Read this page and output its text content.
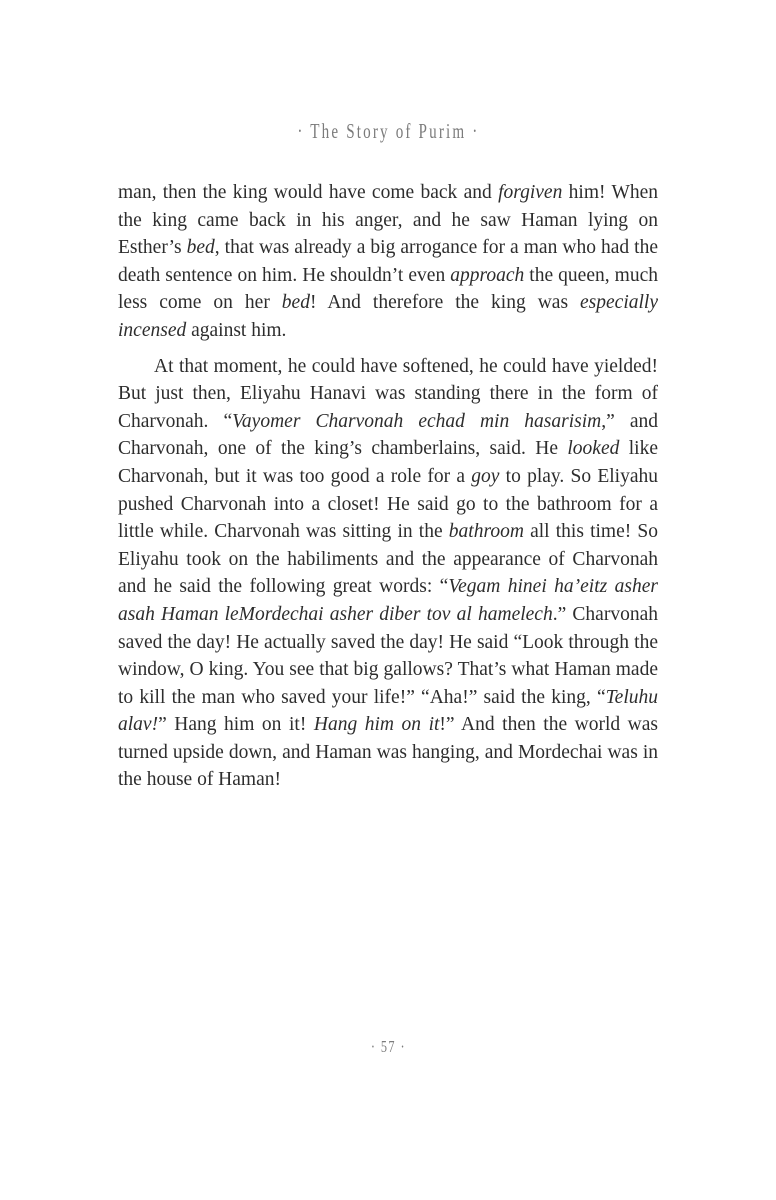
· The Story of Purim ·

man, then the king would have come back and forgiven him! When the king came back in his anger, and he saw Haman lying on Esther’s bed, that was already a big arrogance for a man who had the death sentence on him. He shouldn’t even approach the queen, much less come on her bed! And therefore the king was especially incensed against him.

At that moment, he could have softened, he could have yielded! But just then, Eliyahu Hanavi was standing there in the form of Charvonah. “Vayomer Charvonah echad min hasarisim,” and Charvonah, one of the king’s chamberlains, said. He looked like Charvonah, but it was too good a role for a goy to play. So Eliyahu pushed Charvonah into a closet! He said go to the bathroom for a little while. Charvonah was sitting in the bathroom all this time! So Eliyahu took on the habiliments and the appearance of Charvonah and he said the following great words: “Vegam hinei ha’eitz asher asah Haman leMordechai asher diber tov al hamelech.” Charvonah saved the day! He actually saved the day! He said “Look through the window, O king. You see that big gallows? That’s what Haman made to kill the man who saved your life!” “Aha!” said the king, “Teluhu alav!” Hang him on it! Hang him on it!” And then the world was turned upside down, and Haman was hanging, and Mordechai was in the house of Haman!

· 57 ·
